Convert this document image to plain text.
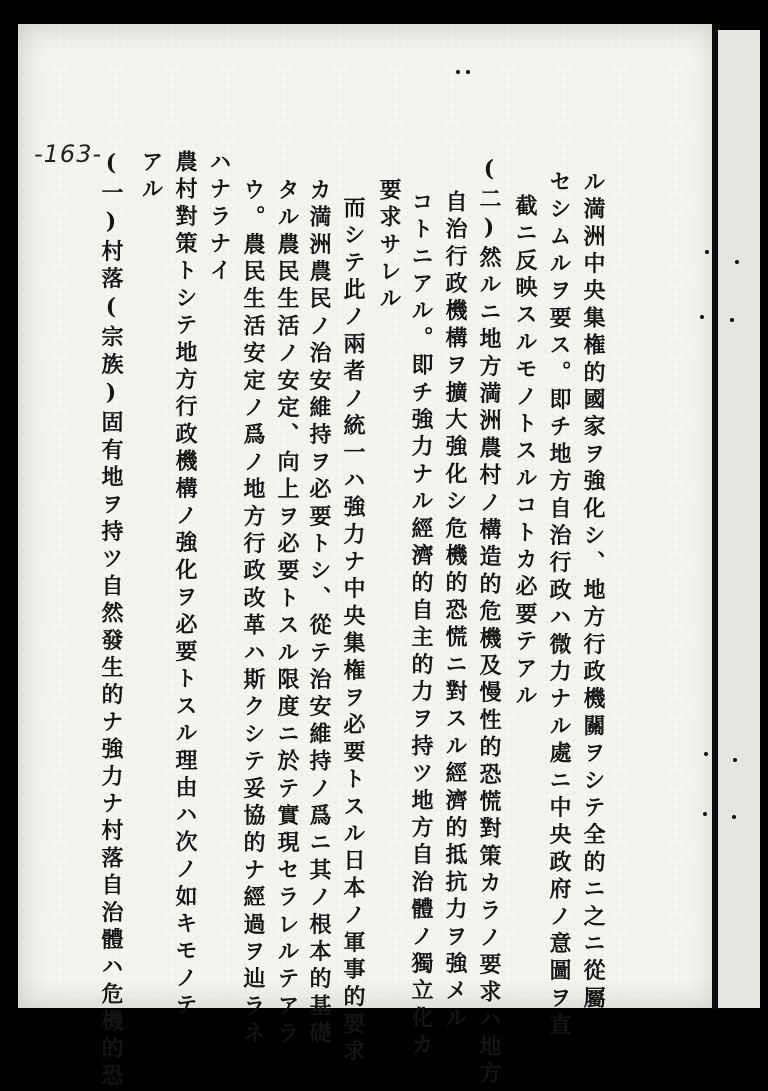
-163-
ル満洲中央集権的國家ヲ強化シ、地方行政機關ヲシテ全的ニ之ニ從屬
セシムルヲ要ス。即チ地方自治行政ハ微力ナル處ニ中央政府ノ意圖ヲ直
截ニ反映スルモノトスルコトカ必要テアル
(二)然ルニ地方満洲農村ノ構造的危機及慢性的恐慌對策カラノ要求ハ地方
自治行政機構ヲ擴大強化シ危機的恐慌ニ對スル經濟的抵抗力ヲ強メル
コトニアル。即チ強力ナル經濟的自主的力ヲ持ツ地方自治體ノ獨立化カ
要求サレル
而シテ此ノ兩者ノ統一ハ強力ナ中央集権ヲ必要トスル日本ノ軍事的要求
カ満洲農民ノ治安維持ヲ必要トシ、從テ治安維持ノ爲ニ其ノ根本的基礎
タル農民生活ノ安定、向上ヲ必要トスル限度ニ於テ實現セラレルテアラ
ウ。農民生活安定ノ爲ノ地方行政改革ハ斯クシテ妥協的ナ經過ヲ辿ラネ
ハナラナイ
農村對策トシテ地方行政機構ノ強化ヲ必要トスル理由ハ次ノ如キモノテ
アル
(一)村落(宗族)固有地ヲ持ツ自然發生的ナ強力ナ村落自治體ハ危機的恐
